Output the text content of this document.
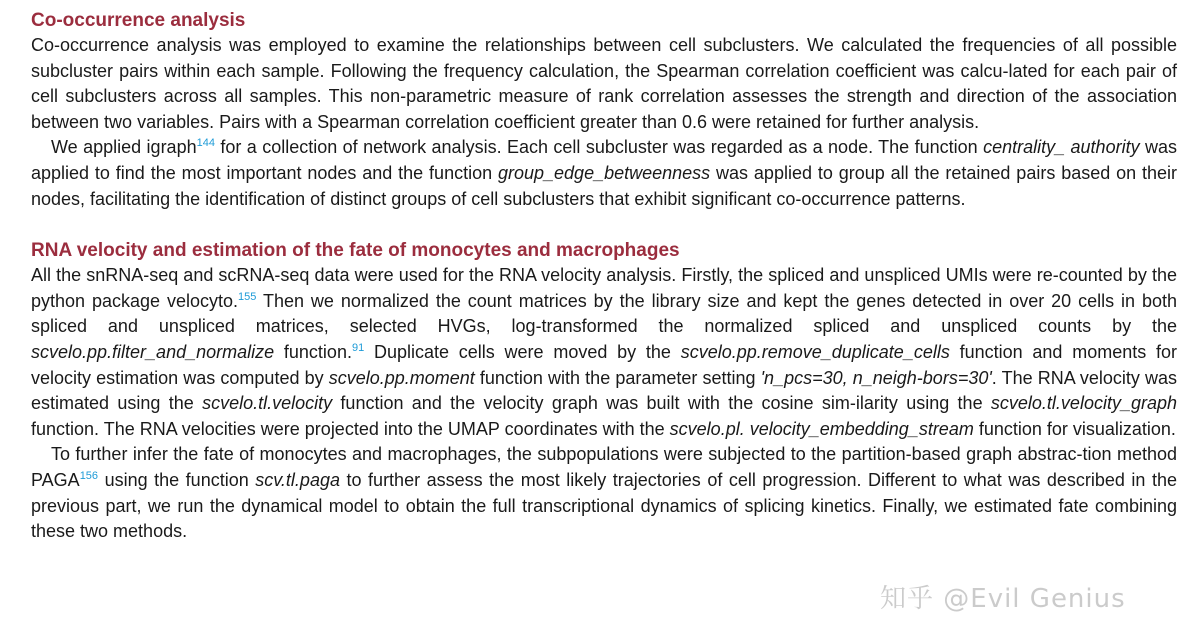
Co-occurrence analysis

Co-occurrence analysis was employed to examine the relationships between cell subclusters. We calculated the frequencies of all possible subcluster pairs within each sample. Following the frequency calculation, the Spearman correlation coefficient was calcu-lated for each pair of cell subclusters across all samples. This non-parametric measure of rank correlation assesses the strength and direction of the association between two variables. Pairs with a Spearman correlation coefficient greater than 0.6 were retained for further analysis.

We applied igraph$^{144}$ for a collection of network analysis. Each cell subcluster was regarded as a node. The function centrality_ authority was applied to find the most important nodes and the function group_edge_betweenness was applied to group all the retained pairs based on their nodes, facilitating the identification of distinct groups of cell subclusters that exhibit significant co-occurrence patterns.

RNA velocity and estimation of the fate of monocytes and macrophages

All the snRNA-seq and scRNA-seq data were used for the RNA velocity analysis. Firstly, the spliced and unspliced UMIs were re-counted by the python package velocyto.$^{155}$ Then we normalized the count matrices by the library size and kept the genes detected in over 20 cells in both spliced and unspliced matrices, selected HVGs, log-transformed the normalized spliced and unspliced counts by the scvelo.pp.filter_and_normalize function.$^{91}$ Duplicate cells were moved by the scvelo.pp.remove_duplicate_cells function and moments for velocity estimation was computed by scvelo.pp.moment function with the parameter setting 'n_pcs=30, n_neigh-bors=30'. The RNA velocity was estimated using the scvelo.tl.velocity function and the velocity graph was built with the cosine sim-ilarity using the scvelo.tl.velocity_graph function. The RNA velocities were projected into the UMAP coordinates with the scvelo.pl. velocity_embedding_stream function for visualization.

To further infer the fate of monocytes and macrophages, the subpopulations were subjected to the partition-based graph abstrac-tion method PAGA$^{156}$ using the function scv.tl.paga to further assess the most likely trajectories of cell progression. Different to what was described in the previous part, we run the dynamical model to obtain the full transcriptional dynamics of splicing kinetics. Finally, we estimated fate combining these two methods.

知乎 @Evil Genius
